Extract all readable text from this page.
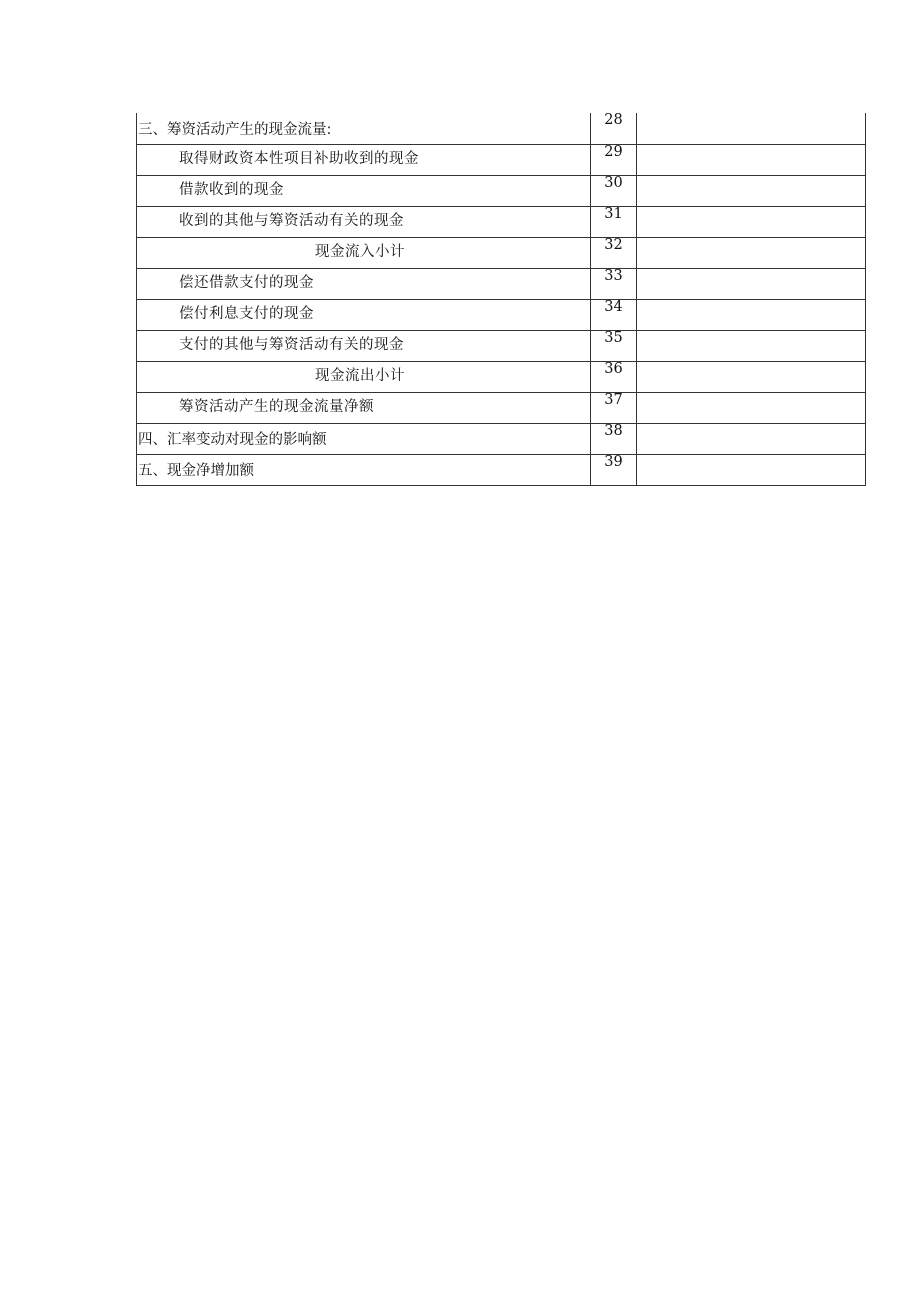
三、筹资活动产生的现金流量:	28	
取得财政资本性项目补助收到的现金	29	
借款收到的现金	30	
收到的其他与筹资活动有关的现金	31	
现金流入小计	32	
偿还借款支付的现金	33	
偿付利息支付的现金	34	
支付的其他与筹资活动有关的现金	35	
现金流出小计	36	
筹资活动产生的现金流量净额	37	
四、汇率变动对现金的影响额	38	
五、现金净增加额	39	
